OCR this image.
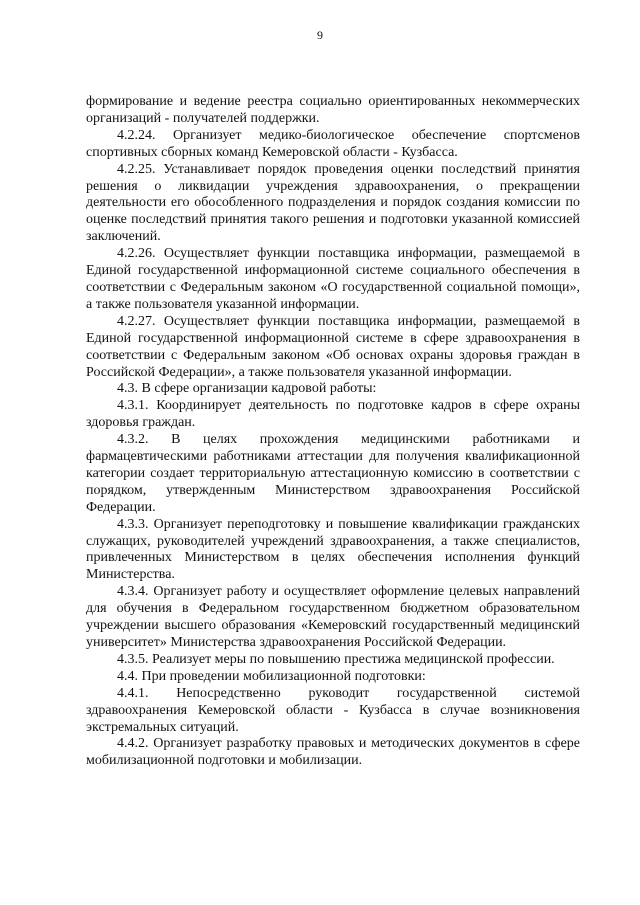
9

формирование и ведение реестра социально ориентированных некоммерческих организаций - получателей поддержки.

4.2.24. Организует медико-биологическое обеспечение спортсменов спортивных сборных команд Кемеровской области - Кузбасса.

4.2.25. Устанавливает порядок проведения оценки последствий принятия решения о ликвидации учреждения здравоохранения, о прекращении деятельности его обособленного подразделения и порядок создания комиссии по оценке последствий принятия такого решения и подготовки указанной комиссией заключений.

4.2.26. Осуществляет функции поставщика информации, размещаемой в Единой государственной информационной системе социального обеспечения в соответствии с Федеральным законом «О государственной социальной помощи», а также пользователя указанной информации.

4.2.27. Осуществляет функции поставщика информации, размещаемой в Единой государственной информационной системе в сфере здравоохранения в соответствии с Федеральным законом «Об основах охраны здоровья граждан в Российской Федерации», а также пользователя указанной информации.

4.3. В сфере организации кадровой работы:

4.3.1. Координирует деятельность по подготовке кадров в сфере охраны здоровья граждан.

4.3.2. В целях прохождения медицинскими работниками и фармацевтическими работниками аттестации для получения квалификационной категории создает территориальную аттестационную комиссию в соответствии с порядком, утвержденным Министерством здравоохранения Российской Федерации.

4.3.3. Организует переподготовку и повышение квалификации гражданских служащих, руководителей учреждений здравоохранения, а также специалистов, привлеченных Министерством в целях обеспечения исполнения функций Министерства.

4.3.4. Организует работу и осуществляет оформление целевых направлений для обучения в Федеральном государственном бюджетном образовательном учреждении высшего образования «Кемеровский государственный медицинский университет» Министерства здравоохранения Российской Федерации.

4.3.5. Реализует меры по повышению престижа медицинской профессии.

4.4. При проведении мобилизационной подготовки:

4.4.1. Непосредственно руководит государственной системой здравоохранения Кемеровской области - Кузбасса в случае возникновения экстремальных ситуаций.

4.4.2. Организует разработку правовых и методических документов в сфере мобилизационной подготовки и мобилизации.
